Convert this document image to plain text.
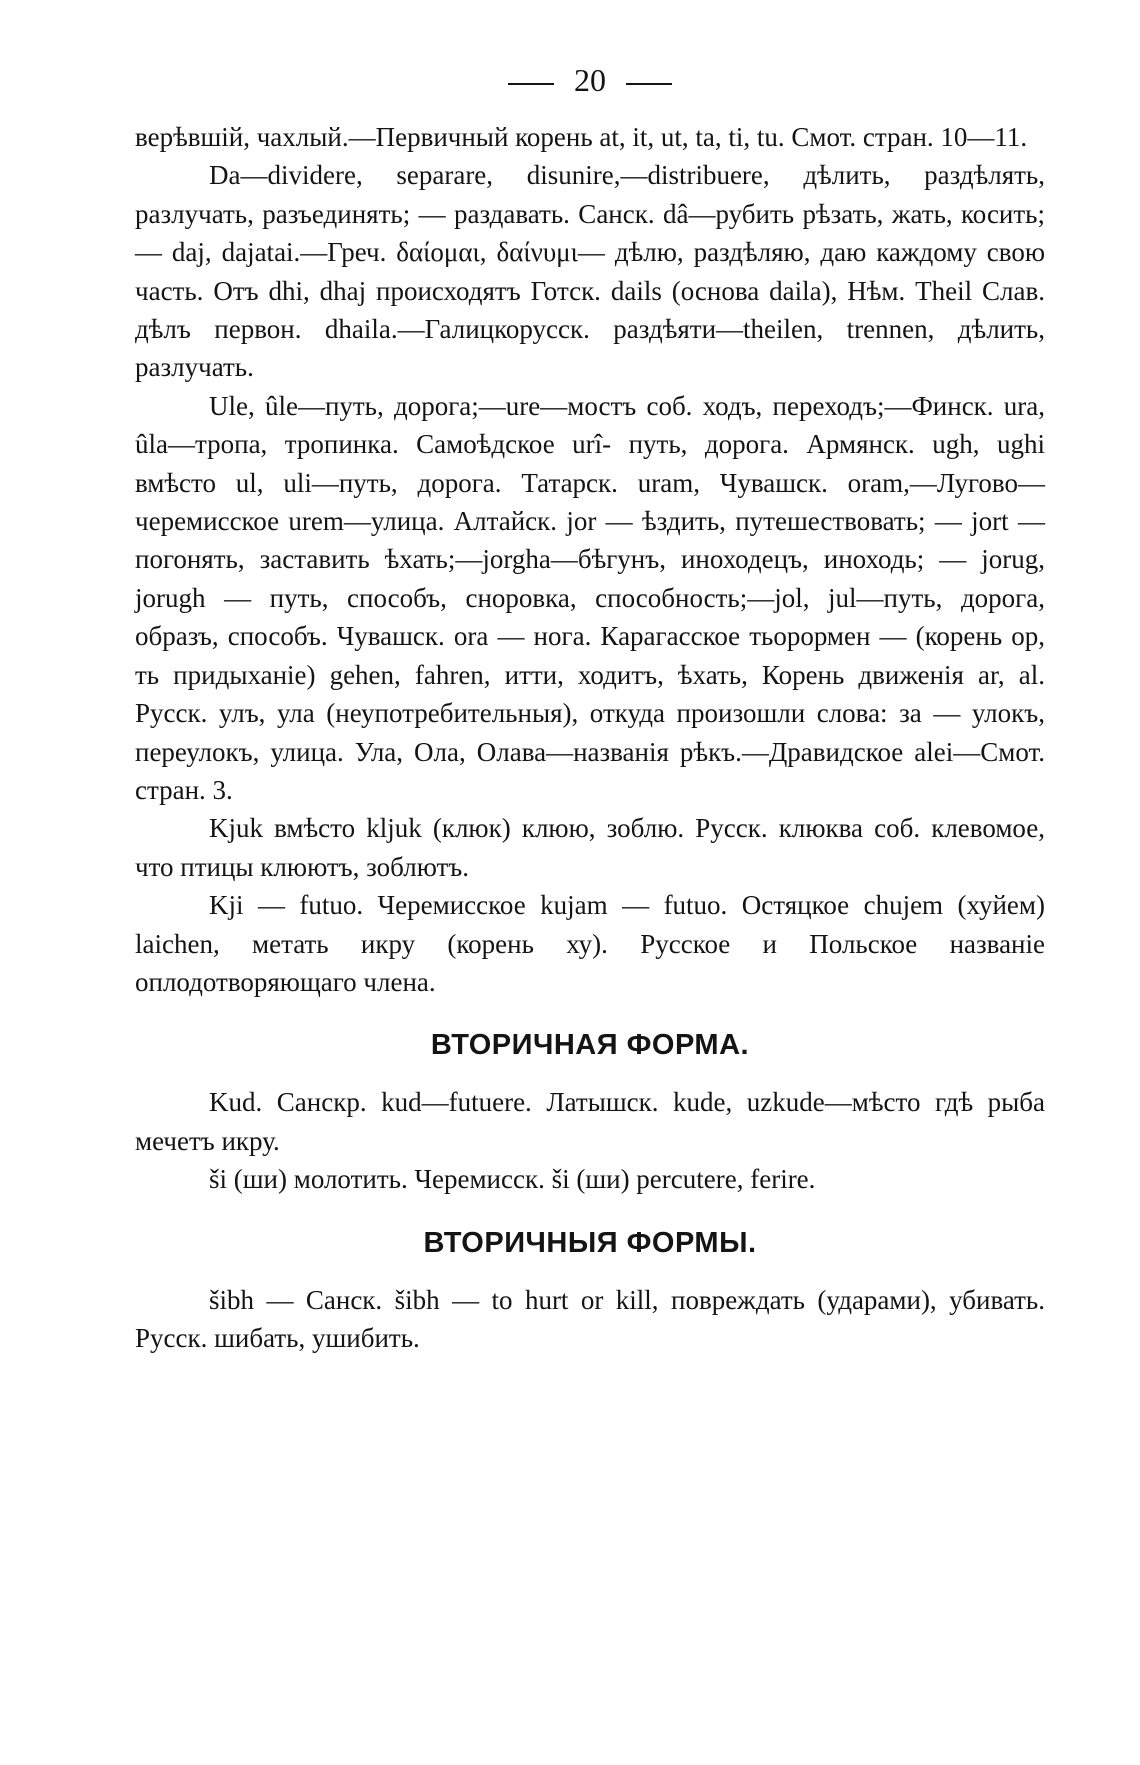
20

верѣвшій, чахлый.—Первичный корень at, it, ut, ta, ti, tu. Смот. стран. 10—11.

Da—dividere, separare, disunire,—distribuere, дѣлить, раздѣлять, разлучать, разъединять; — раздавать. Санск. dâ—рубить рѣзать, жать, косить; — daj, dajatai.—Греч. δαίομαι, δαίνυμι— дѣлю, раздѣляю, даю каждому свою часть. Отъ dhi, dhaj происходятъ Готск. dails (основа daila), Нѣм. Theil Слав. дѣлъ первон. dhaila.—Галицкорусск. раздѣяти—theilen, trennen, дѣлить, разлучать.

Ule, ûle—путь, дорога;—ure—мостъ соб. ходъ, переходъ;—Финск. ura, ûla—тропа, тропинка. Самоѣдское urî- путь, дорога. Армянск. ugh, ughi вмѣсто ul, uli—путь, дорога. Татарск. uram, Чувашск. oram,—Лугово—черемисское urem—улица. Алтайск. jor — ѣздить, путешествовать; — jort —погонять, заставить ѣхать;—jorgha—бѣгунъ, иноходецъ, иноходь; — jorug, jorugh — путь, способъ, сноровка, способность;—jol, jul—путь, дорога, образъ, способъ. Чувашск. ora — нога. Карагасское тьорормен — (корень ор, ть придыханіе) gehen, fahren, итти, ходитъ, ѣхать, Корень движенія ar, al. Русск. улъ, ула (неупотребительныя), откуда произошли слова: за — улокъ, переулокъ, улица. Ула, Ола, Олава—названія рѣкъ.—Дравидское alei—Смот. стран. 3.

Kjuk вмѣсто kljuk (клюк) клюю, зоблю. Русск. клюква соб. клевомое, что птицы клюютъ, зоблютъ.

Kji — futuo. Черемисское kujam — futuo. Остяцкое chujem (хуйем) laichen, метать икру (корень ху). Русское и Польское названіе оплодотворяющаго члена.

ВТОРИЧНАЯ ФОРМА.

Kud. Санскр. kud—futuere. Латышск. kude, uzkude—мѣсто гдѣ рыба мечетъ икру.

ši (ши) молотить. Черемисск. ši (ши) percutere, ferire.

ВТОРИЧНЫЯ ФОРМЫ.

šibh — Санск. šibh — to hurt or kill, повреждать (ударами), убивать. Русск. шибать, ушибить.
